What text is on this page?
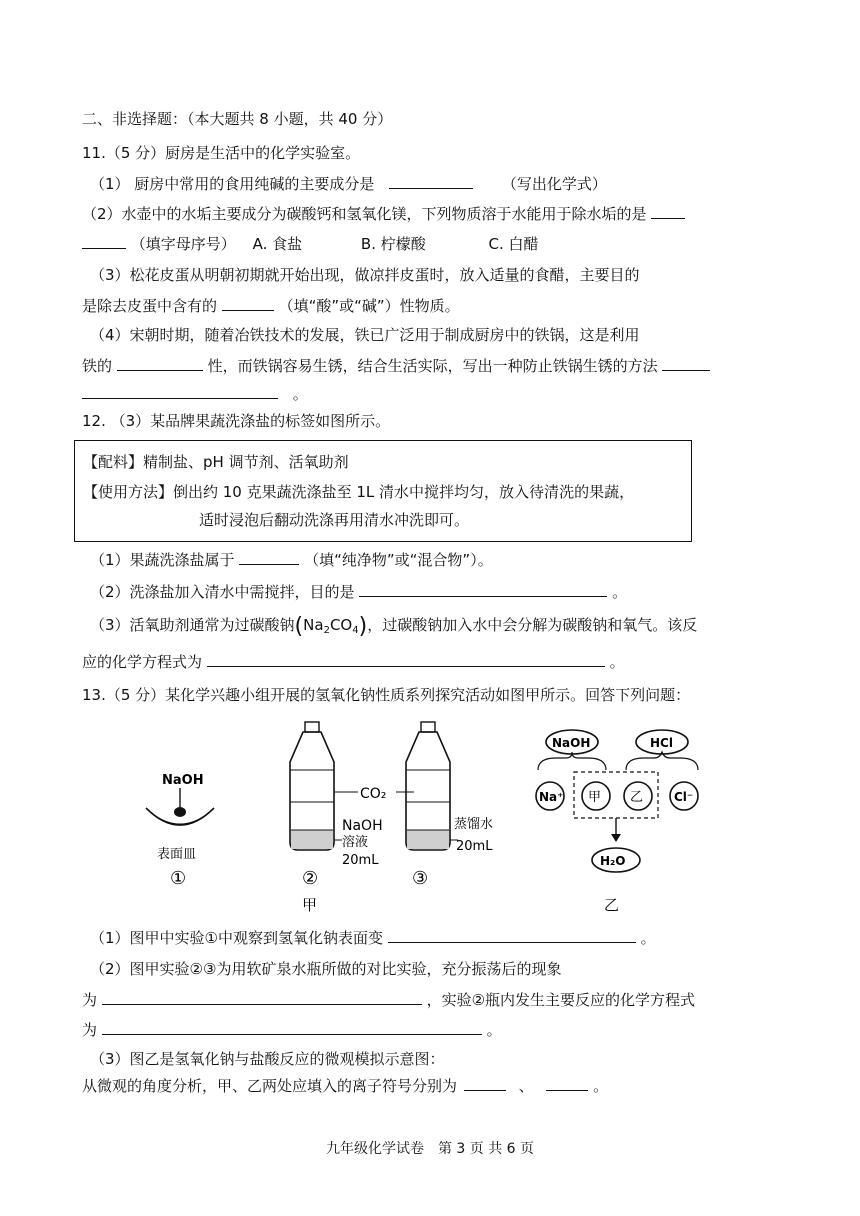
二、非选择题：（本大题共 8 小题，共 40 分）
11.（5 分）厨房是生活中的化学实验室。
（1） 厨房中常用的食用纯碱的主要成分是	（写出化学式）
（2）水壶中的水垢主要成分为碳酸钙和氢氧化镁，下列物质溶于水能用于除水垢的是
（填字母序号） A. 食盐	B. 柠檬酸	C. 白醋
（3）松花皮蛋从明朝初期就开始出现，做凉拌皮蛋时，放入适量的食醋，主要目的
是除去皮蛋中含有的	（填“酸”或“碱”）性物质。
（4）宋朝时期，随着冶铁技术的发展，铁已广泛用于制成厨房中的铁锅，这是利用
铁的	性，而铁锅容易生锈，结合生活实际，写出一种防止铁锅生锈的方法
。
12. （3）某品牌果蔬洗涤盐的标签如图所示。
【配料】精制盐、pH 调节剂、活氧助剂
【使用方法】倒出约 10 克果蔬洗涤盐至 1L 清水中搅拌均匀，放入待清洗的果蔬，
适时浸泡后翻动洗涤再用清水冲洗即可。
（1）果蔬洗涤盐属于	（填“纯净物”或“混合物”）。
（2）洗涤盐加入清水中需搅拌，目的是	。
（3）活氧助剂通常为过碳酸钠$(Na_2CO_4)$，过碳酸钠加入水中会分解为碳酸钠和氧气。该反
应的化学方程式为	。
13.（5 分）某化学兴趣小组开展的氢氧化钠性质系列探究活动如图甲所示。回答下列问题：
NaOH
表面皿
①
CO₂
NaOH
溶液
20mL
②
甲
蒸馏水
20mL
③
NaOH	HCl
Na⁺ 甲 乙	Cl⁻
H₂O
乙
（1）图甲中实验①中观察到氢氧化钠表面变	。
（2）图甲实验②③为用软矿泉水瓶所做的对比实验，充分振荡后的现象
为	，实验②瓶内发生主要反应的化学方程式
为	。
（3）图乙是氢氧化钠与盐酸反应的微观模拟示意图：
从微观的角度分析，甲、乙两处应填入的离子符号分别为	、	。
九年级化学试卷　第 3 页 共 6 页
